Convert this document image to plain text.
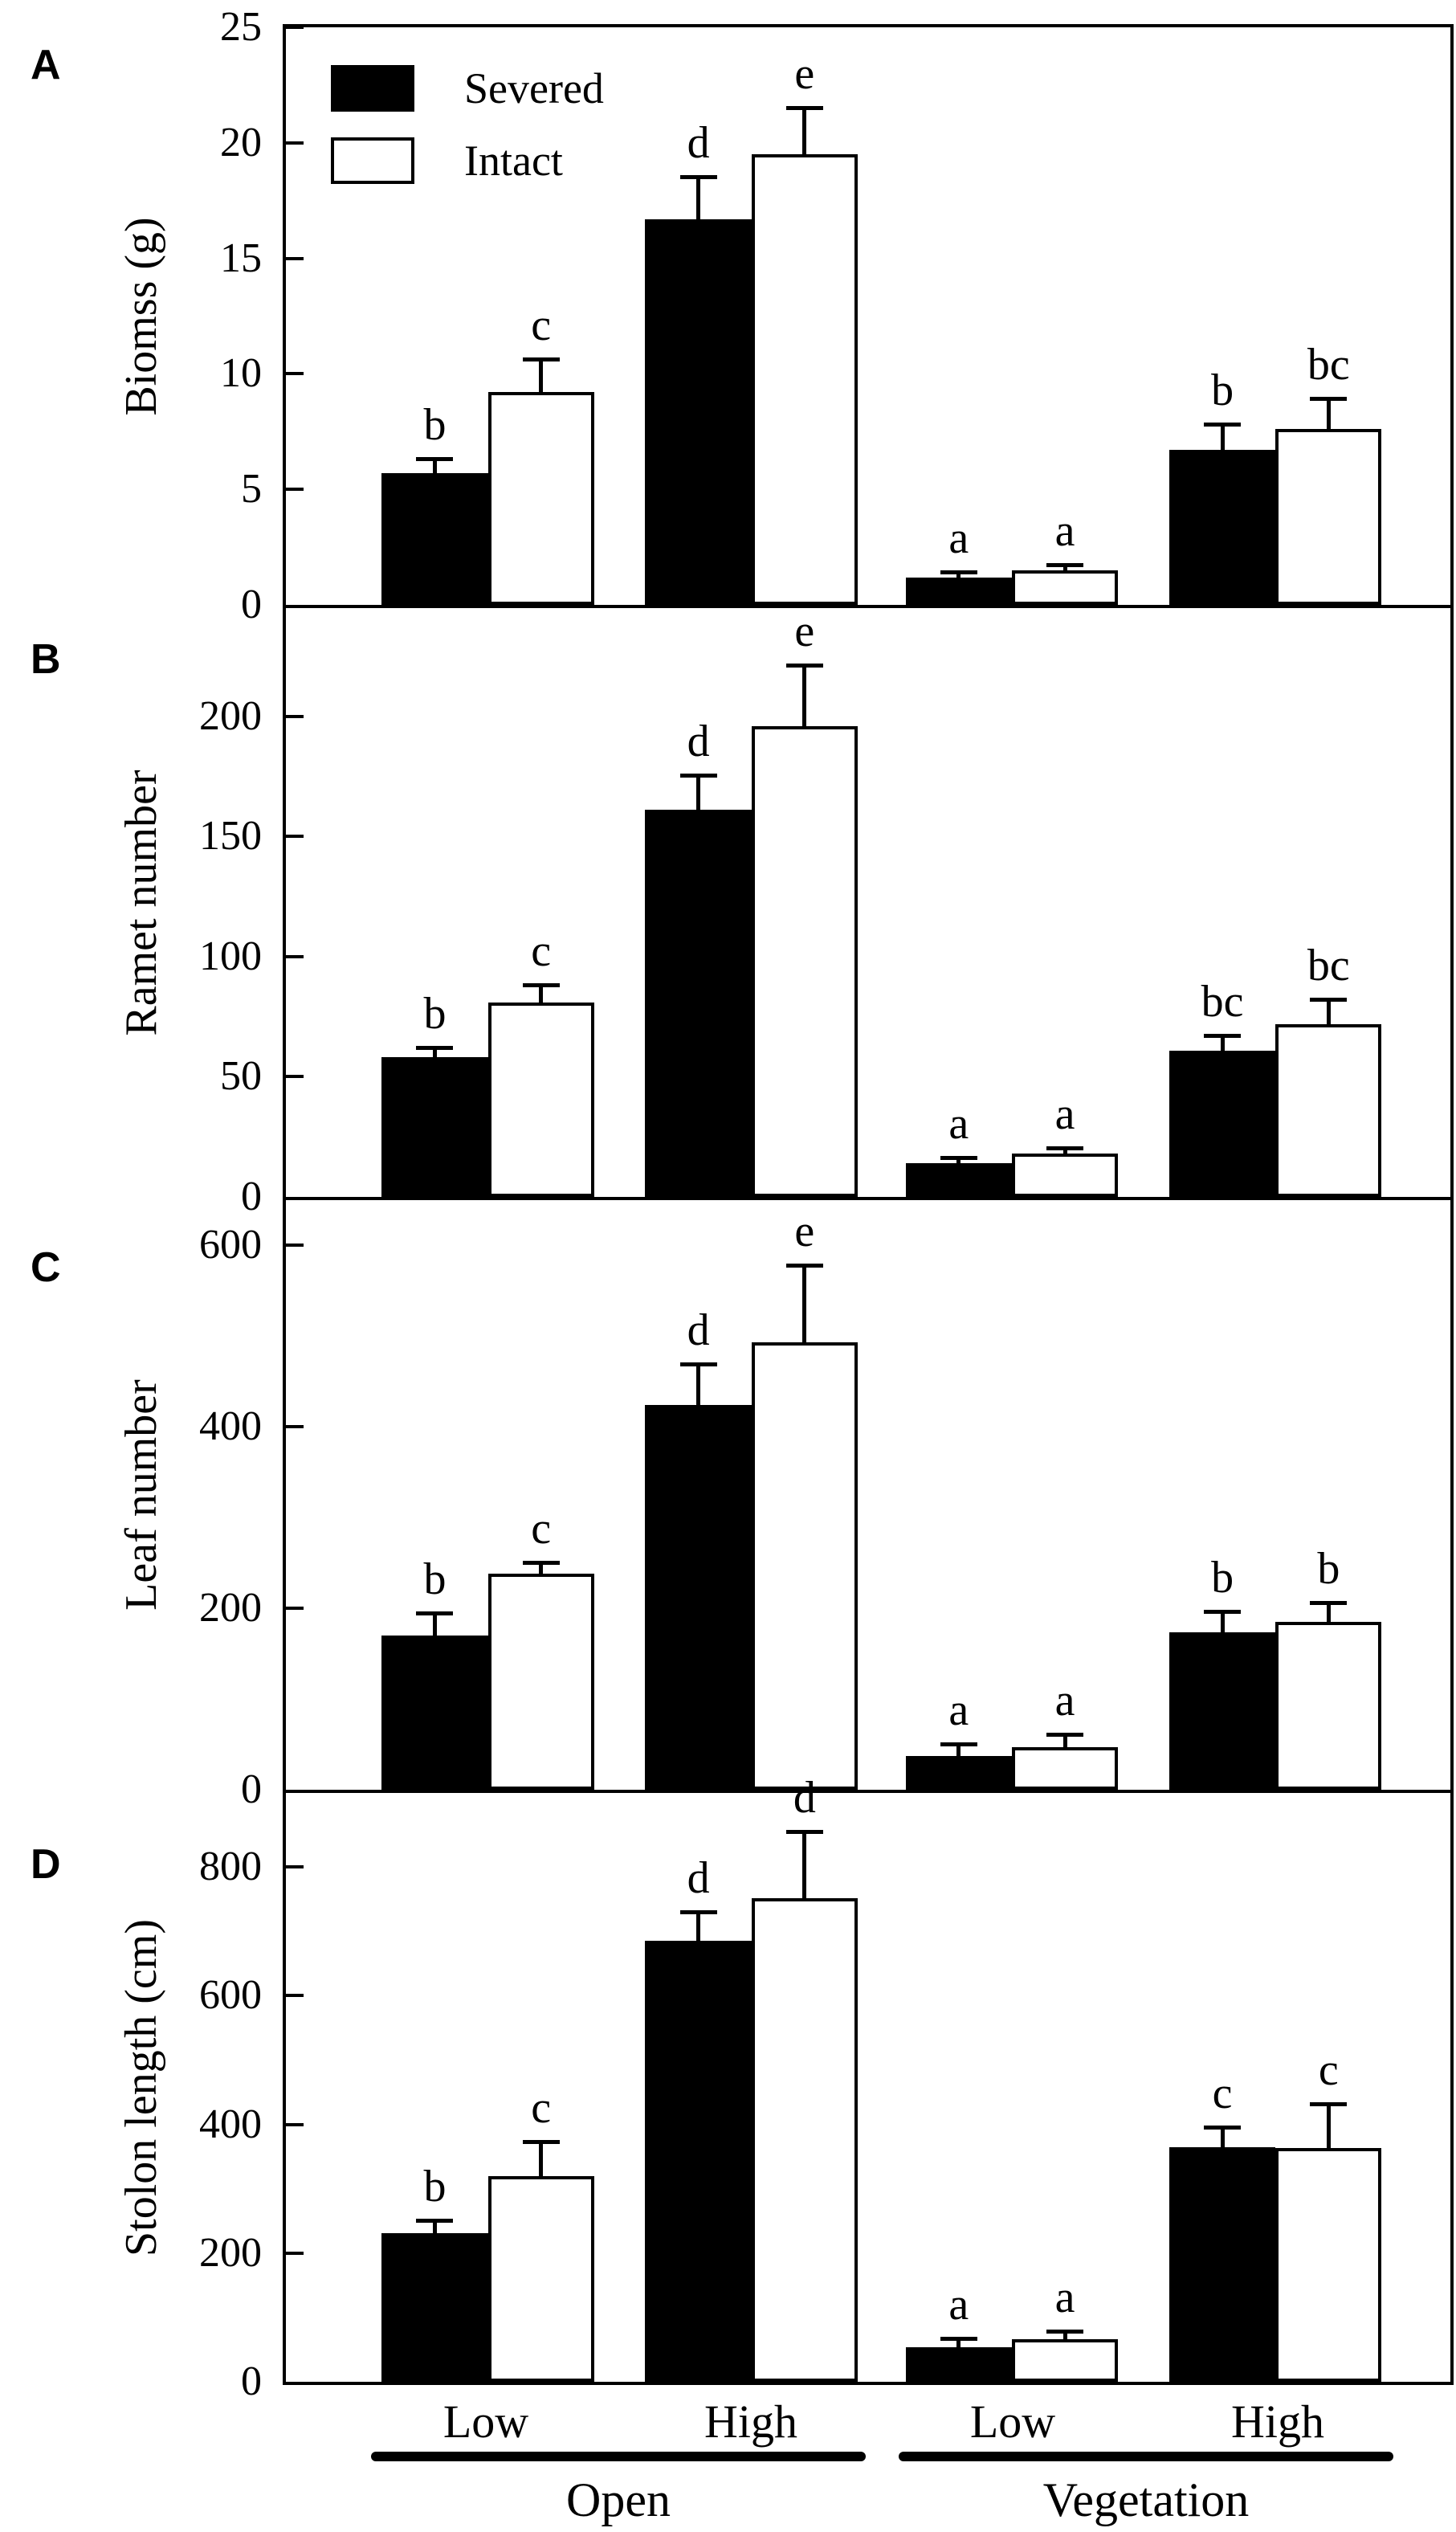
A
B
C
D
Biomss (g)
Severed
Intact
0
5
10
15
20
25
b
d
a
b
c
e
a
bc
Ramet number
0
50
100
150
200
b
d
a
bc
c
e
a
bc
Leaf number
0
200
400
600
b
d
a
b
c
e
a
b
Stolon length (cm)
0
200
400
600
800
b
d
a
c
c
d
a
c
Low	High	Low	High
Open	Vegetation
